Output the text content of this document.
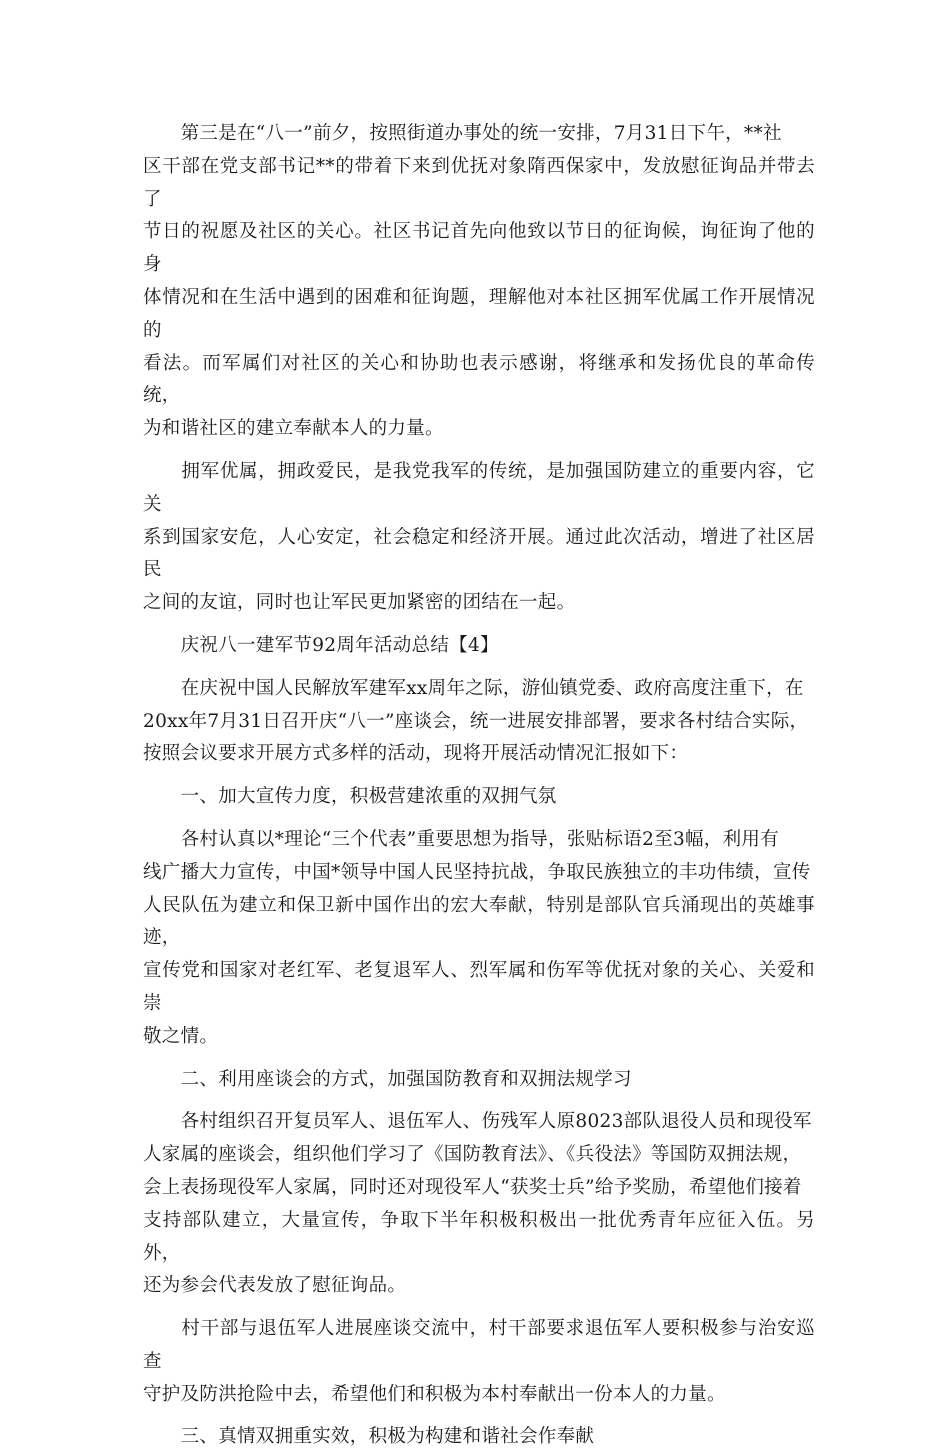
　　第三是在“八一”前夕，按照街道办事处的统一安排，7月31日下午，**社
区干部在党支部书记**的带着下来到优抚对象隋西保家中，发放慰征询品并带去了
节日的祝愿及社区的关心。社区书记首先向他致以节日的征询候，询征询了他的身
体情况和在生活中遇到的困难和征询题，理解他对本社区拥军优属工作开展情况的
看法。而军属们对社区的关心和协助也表示感谢，将继承和发扬优良的革命传统，
为和谐社区的建立奉献本人的力量。
　　拥军优属，拥政爱民，是我党我军的传统，是加强国防建立的重要内容，它关
系到国家安危，人心安定，社会稳定和经济开展。通过此次活动，增进了社区居民
之间的友谊，同时也让军民更加紧密的团结在一起。
　　庆祝八一建军节92周年活动总结【4】
　　在庆祝中国人民解放军建军xx周年之际，游仙镇党委、政府高度注重下，在
20xx年7月31日召开庆“八一”座谈会，统一进展安排部署，要求各村结合实际，
按照会议要求开展方式多样的活动，现将开展活动情况汇报如下：
　　一、加大宣传力度，积极营建浓重的双拥气氛
　　各村认真以*理论“三个代表”重要思想为指导，张贴标语2至3幅，利用有
线广播大力宣传，中国*领导中国人民坚持抗战，争取民族独立的丰功伟绩，宣传
人民队伍为建立和保卫新中国作出的宏大奉献，特别是部队官兵涌现出的英雄事迹，
宣传党和国家对老红军、老复退军人、烈军属和伤军等优抚对象的关心、关爱和崇
敬之情。
　　二、利用座谈会的方式，加强国防教育和双拥法规学习
　　各村组织召开复员军人、退伍军人、伤残军人原8023部队退役人员和现役军
人家属的座谈会，组织他们学习了《国防教育法》、《兵役法》等国防双拥法规，
会上表扬现役军人家属，同时还对现役军人“获奖士兵”给予奖励，希望他们接着
支持部队建立，大量宣传，争取下半年积极积极出一批优秀青年应征入伍。另外，
还为参会代表发放了慰征询品。
　　村干部与退伍军人进展座谈交流中，村干部要求退伍军人要积极参与治安巡查
守护及防洪抢险中去，希望他们和积极为本村奉献出一份本人的力量。
　　三、真情双拥重实效，积极为构建和谐社会作奉献
